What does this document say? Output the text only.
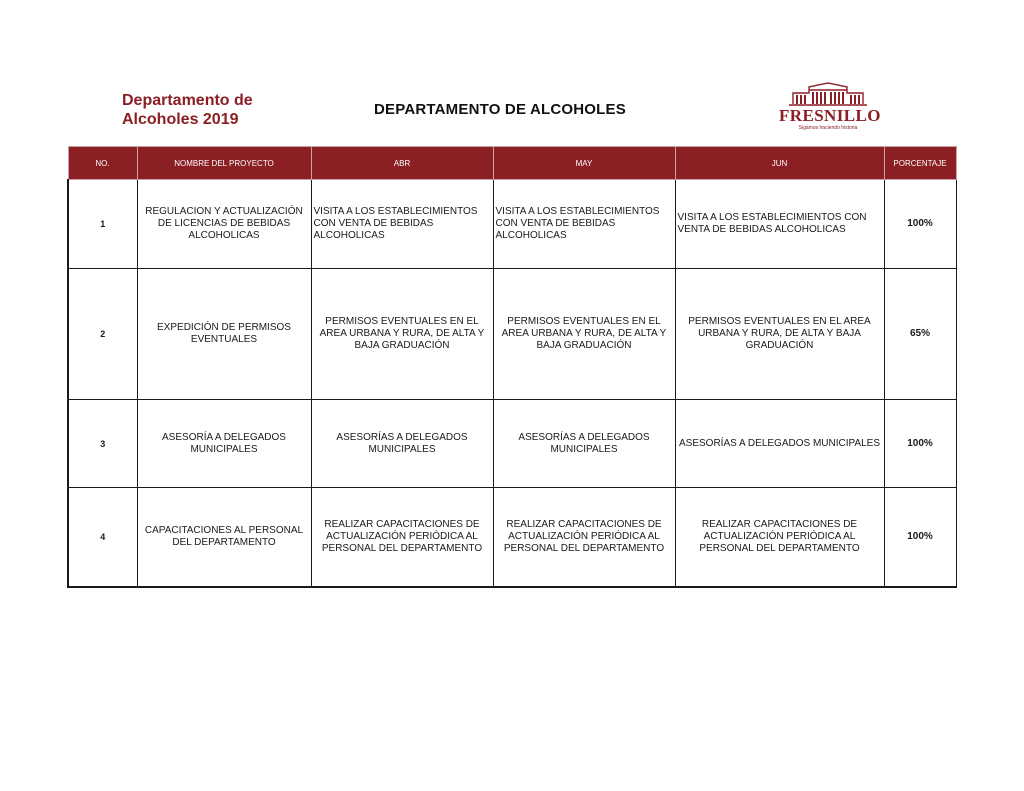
Departamento de
Alcoholes 2019
DEPARTAMENTO DE ALCOHOLES	FRESNILLO
Sigamos haciendo historia
NO.	NOMBRE DEL PROYECTO	ABR	MAY	JUN	PORCENTAJE
1	REGULACION Y ACTUALIZACIÓN DE LICENCIAS DE BEBIDAS ALCOHOLICAS	VISITA A LOS ESTABLECIMIENTOS CON VENTA DE BEBIDAS ALCOHOLICAS	VISITA A LOS ESTABLECIMIENTOS CON VENTA DE BEBIDAS ALCOHOLICAS	VISITA A LOS ESTABLECIMIENTOS CON VENTA DE BEBIDAS ALCOHOLICAS	100%
2	EXPEDICIÓN DE PERMISOS EVENTUALES	PERMISOS EVENTUALES EN EL AREA URBANA Y RURA, DE ALTA Y BAJA GRADUACIÓN	PERMISOS EVENTUALES EN EL AREA URBANA Y RURA, DE ALTA Y BAJA GRADUACIÓN	PERMISOS EVENTUALES EN EL AREA URBANA Y RURA, DE ALTA Y BAJA GRADUACIÓN	65%
3	ASESORÍA A DELEGADOS MUNICIPALES	ASESORÍAS A DELEGADOS MUNICIPALES	ASESORÍAS A DELEGADOS MUNICIPALES	ASESORÍAS A DELEGADOS MUNICIPALES	100%
4	CAPACITACIONES AL PERSONAL DEL DEPARTAMENTO	REALIZAR CAPACITACIONES DE ACTUALIZACIÓN PERIÓDICA AL PERSONAL DEL DEPARTAMENTO	REALIZAR CAPACITACIONES DE ACTUALIZACIÓN PERIÓDICA AL PERSONAL DEL DEPARTAMENTO	REALIZAR CAPACITACIONES DE ACTUALIZACIÓN PERIÓDICA AL PERSONAL DEL DEPARTAMENTO	100%
